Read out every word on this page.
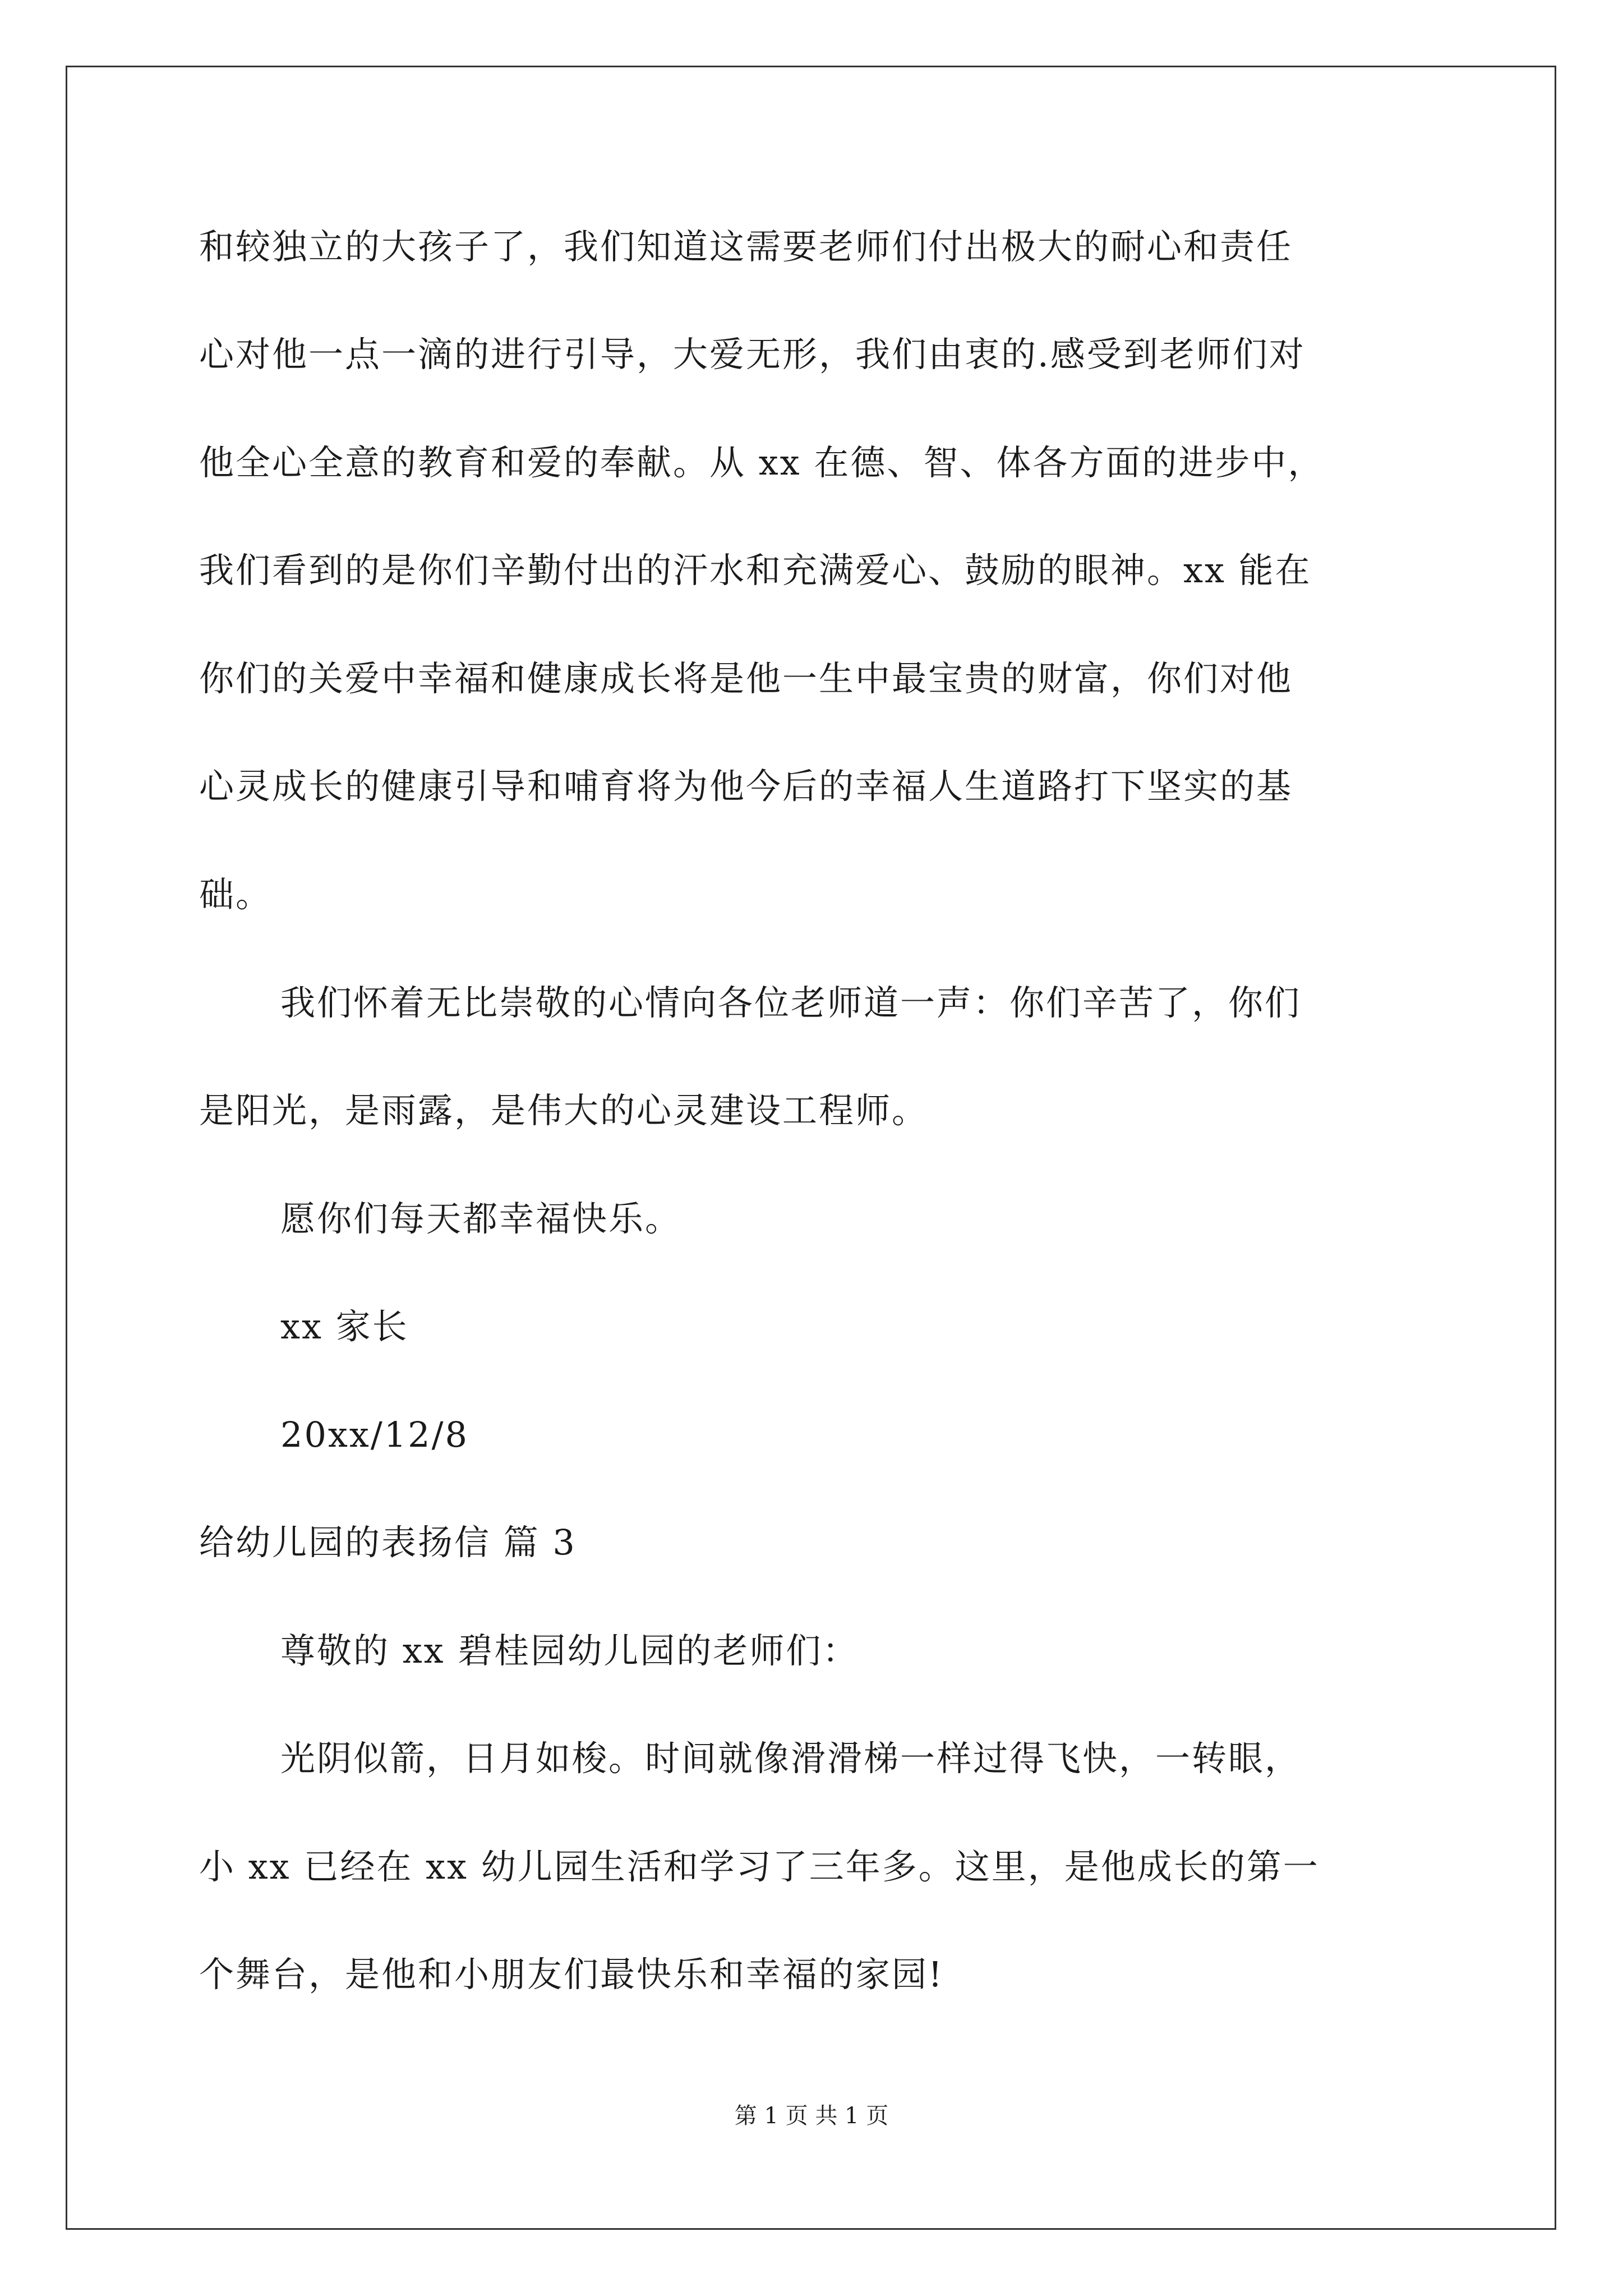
和较独立的大孩子了，我们知道这需要老师们付出极大的耐心和责任

心对他一点一滴的进行引导，大爱无形，我们由衷的.感受到老师们对

他全心全意的教育和爱的奉献。从 xx 在德、智、体各方面的进步中，

我们看到的是你们辛勤付出的汗水和充满爱心、鼓励的眼神。xx 能在

你们的关爱中幸福和健康成长将是他一生中最宝贵的财富，你们对他

心灵成长的健康引导和哺育将为他今后的幸福人生道路打下坚实的基

础。

我们怀着无比崇敬的心情向各位老师道一声：你们辛苦了，你们

是阳光，是雨露，是伟大的心灵建设工程师。

愿你们每天都幸福快乐。

xx 家长

20xx/12/8

给幼儿园的表扬信 篇 3

尊敬的 xx 碧桂园幼儿园的老师们：

光阴似箭，日月如梭。时间就像滑滑梯一样过得飞快，一转眼，

小 xx 已经在 xx 幼儿园生活和学习了三年多。这里，是他成长的第一

个舞台，是他和小朋友们最快乐和幸福的家园!

第 1 页 共 1 页
